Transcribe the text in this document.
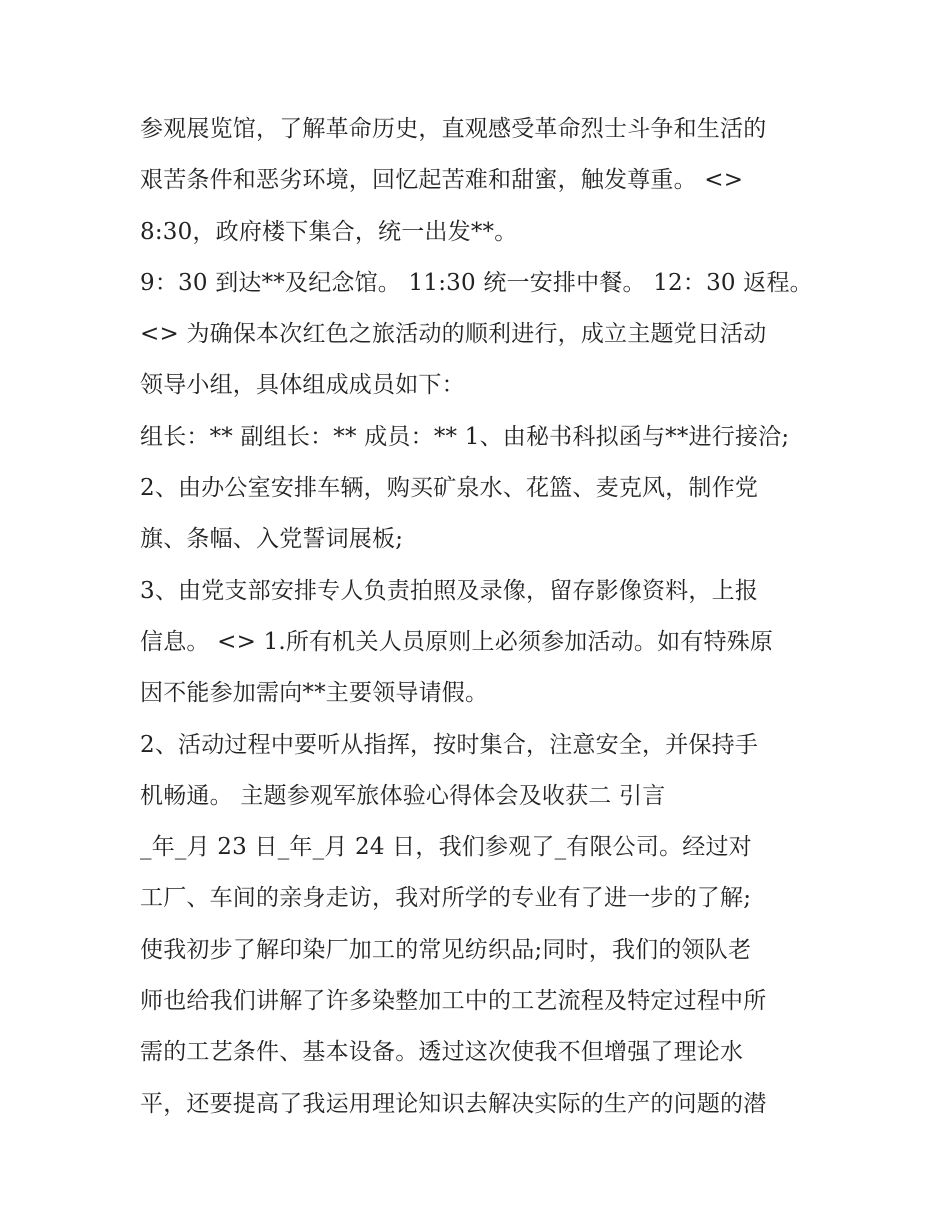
参观展览馆，了解革命历史，直观感受革命烈士斗争和生活的
艰苦条件和恶劣环境，回忆起苦难和甜蜜，触发尊重。 <>
8:30，政府楼下集合，统一出发**。
9：30 到达**及纪念馆。 11:30 统一安排中餐。 12：30 返程。
<> 为确保本次红色之旅活动的顺利进行，成立主题党日活动
领导小组，具体组成成员如下：
组长：** 副组长：** 成员：** 1、由秘书科拟函与**进行接洽;
2、由办公室安排车辆，购买矿泉水、花篮、麦克风，制作党
旗、条幅、入党誓词展板;
3、由党支部安排专人负责拍照及录像，留存影像资料，上报
信息。 <> 1.所有机关人员原则上必须参加活动。如有特殊原
因不能参加需向**主要领导请假。
2、活动过程中要听从指挥，按时集合，注意安全，并保持手
机畅通。 主题参观军旅体验心得体会及收获二 引言
_年_月 23 日_年_月 24 日，我们参观了_有限公司。经过对
工厂、车间的亲身走访，我对所学的专业有了进一步的了解;
使我初步了解印染厂加工的常见纺织品;同时，我们的领队老
师也给我们讲解了许多染整加工中的工艺流程及特定过程中所
需的工艺条件、基本设备。透过这次使我不但增强了理论水
平，还要提高了我运用理论知识去解决实际的生产的问题的潜
